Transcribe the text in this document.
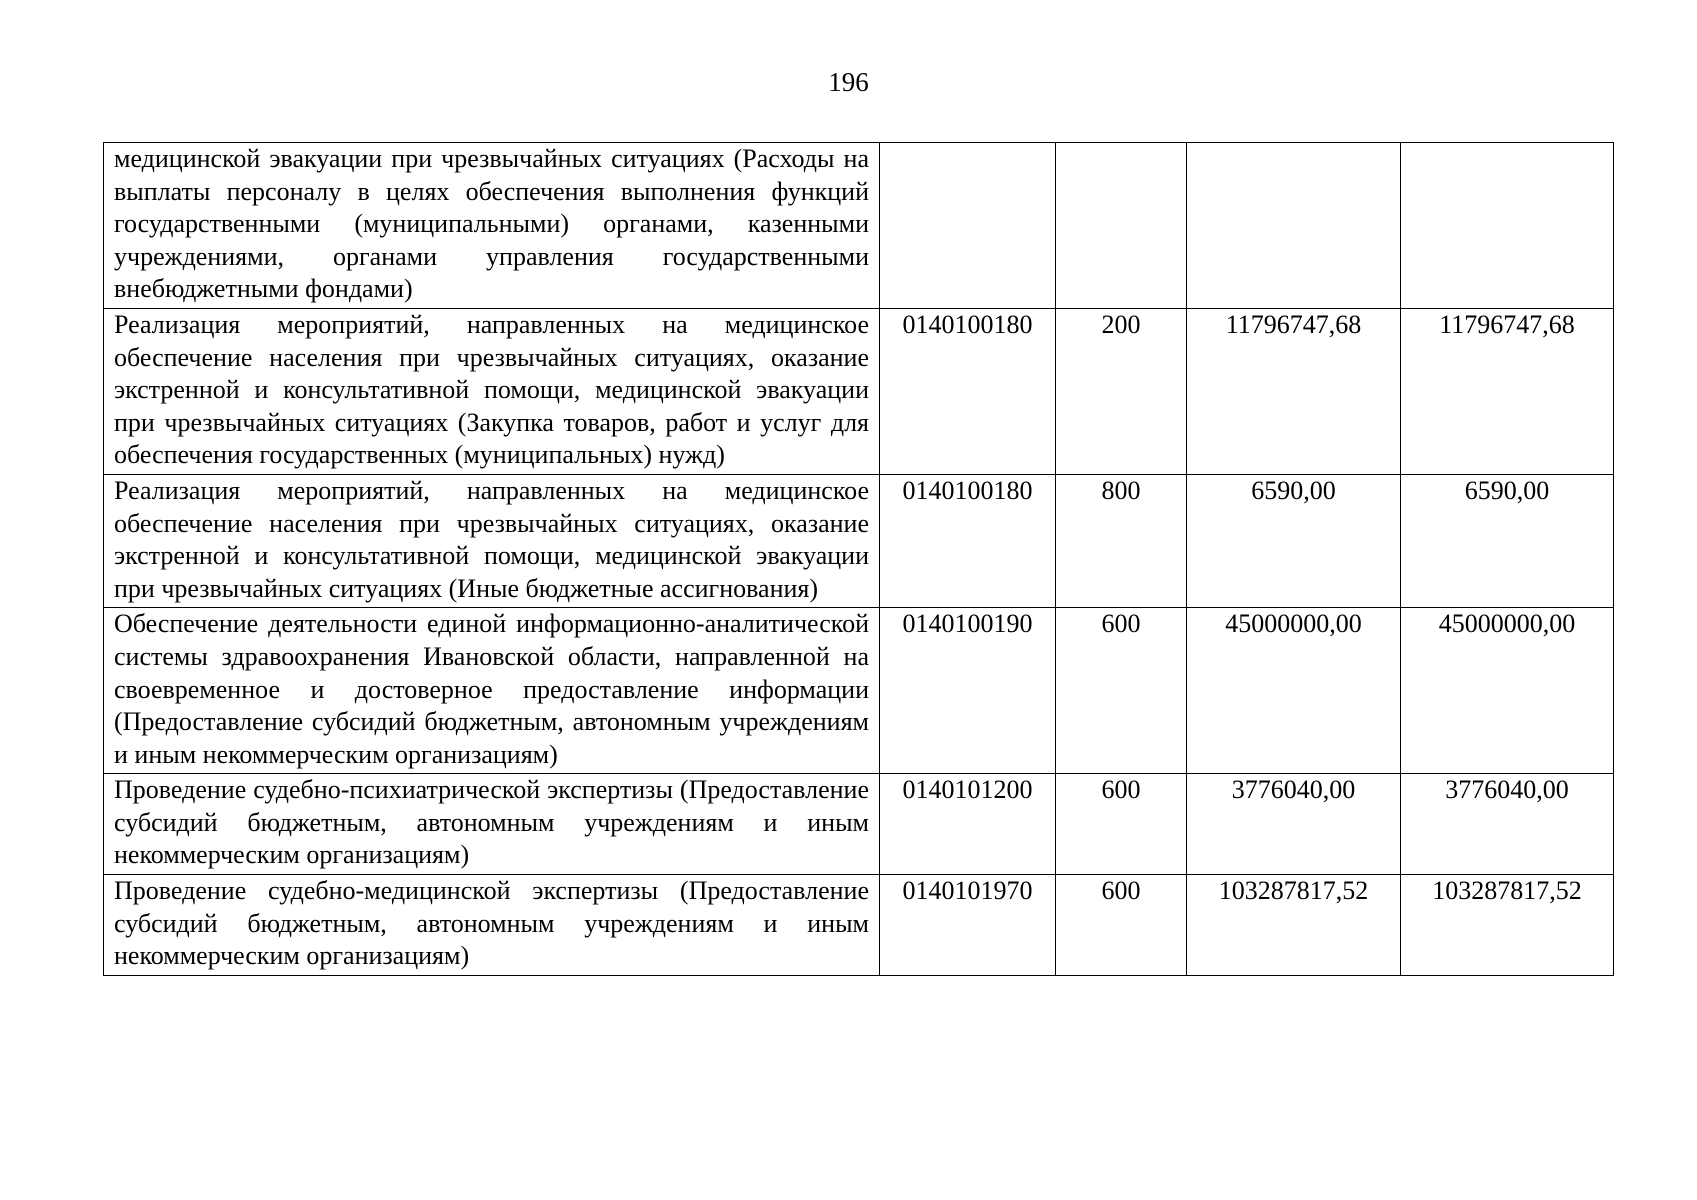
196
медицинской эвакуации при чрезвычайных ситуациях (Расходы на выплаты персоналу в целях обеспечения выполнения функций государственными (муниципальными) органами, казенными учреждениями, органами управления государственными внебюджетными фондами)				
Реализация мероприятий, направленных на медицинское обеспечение населения при чрезвычайных ситуациях, оказание экстренной и консультативной помощи, медицинской эвакуации при чрезвычайных ситуациях (Закупка товаров, работ и услуг для обеспечения государственных (муниципальных) нужд)	0140100180	200	11796747,68	11796747,68
Реализация мероприятий, направленных на медицинское обеспечение населения при чрезвычайных ситуациях, оказание экстренной и консультативной помощи, медицинской эвакуации при чрезвычайных ситуациях (Иные бюджетные ассигнования)	0140100180	800	6590,00	6590,00
Обеспечение деятельности единой информационно-аналитической системы здравоохранения Ивановской области, направленной на своевременное и достоверное предоставление информации (Предоставление субсидий бюджетным, автономным учреждениям и иным некоммерческим организациям)	0140100190	600	45000000,00	45000000,00
Проведение судебно-психиатрической экспертизы (Предоставление субсидий бюджетным, автономным учреждениям и иным некоммерческим организациям)	0140101200	600	3776040,00	3776040,00
Проведение судебно-медицинской экспертизы (Предоставление субсидий бюджетным, автономным учреждениям и иным некоммерческим организациям)	0140101970	600	103287817,52	103287817,52
